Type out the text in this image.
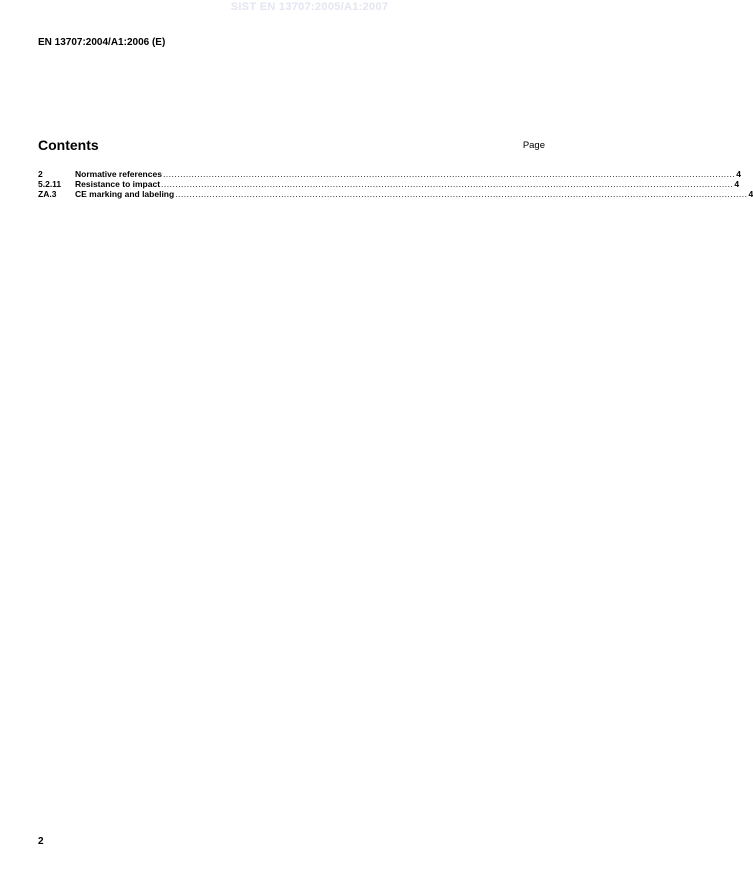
SIST EN 13707:2005/A1:2007
EN 13707:2004/A1:2006 (E)
Contents	Page
2	Normative references ........................................................................................................................................................................................................ 4
5.2.11	Resistance to impact ........................................................................................................................................................................................................ 4
ZA.3	CE marking and labeling ........................................................................................................................................................................................................ 4
2
